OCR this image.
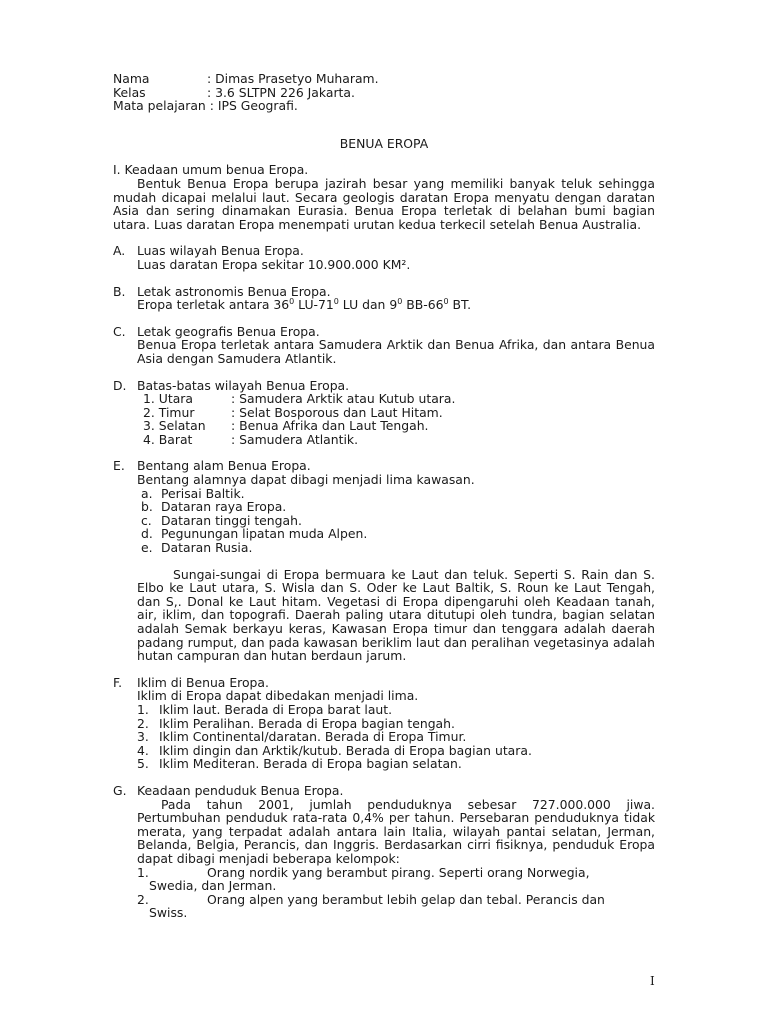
Nama	: Dimas Prasetyo Muharam.
Kelas	: 3.6 SLTPN 226 Jakarta.
Mata pelajaran : IPS Geografi.
BENUA EROPA
I. Keadaan umum benua Eropa.
Bentuk Benua Eropa berupa jazirah besar yang memiliki banyak teluk sehingga mudah dicapai melalui laut. Secara geologis daratan Eropa menyatu dengan daratan Asia dan sering dinamakan Eurasia. Benua Eropa terletak di belahan bumi bagian utara. Luas daratan Eropa menempati urutan kedua terkecil setelah Benua Australia.
A. Luas wilayah Benua Eropa.
Luas daratan Eropa sekitar 10.900.000 KM².
B. Letak astronomis Benua Eropa.
Eropa terletak antara $36^0$ $LU-71^0$ LU dan $9^0$ $BB-66^0$ BT.
C. Letak geografis Benua Eropa.
Benua Eropa terletak antara Samudera Arktik dan Benua Afrika, dan antara Benua Asia dengan Samudera Atlantik.
D. Batas-batas wilayah Benua Eropa.
1. Utara	: Samudera Arktik atau Kutub utara.
2. Timur	: Selat Bosporous dan Laut Hitam.
3. Selatan	: Benua Afrika dan Laut Tengah.
4. Barat	: Samudera Atlantik.
E. Bentang alam Benua Eropa.
Bentang alamnya dapat dibagi menjadi lima kawasan.
a. Perisai Baltik.
b. Dataran raya Eropa.
c. Dataran tinggi tengah.
d. Pegunungan lipatan muda Alpen.
e. Dataran Rusia.
Sungai-sungai di Eropa bermuara ke Laut dan teluk. Seperti S. Rain dan S. Elbo ke Laut utara, S. Wisla dan S. Oder ke Laut Baltik, S. Roun ke Laut Tengah, dan S,. Donal ke Laut hitam. Vegetasi di Eropa dipengaruhi oleh Keadaan tanah, air, iklim, dan topografi. Daerah paling utara ditutupi oleh tundra, bagian selatan adalah Semak berkayu keras, Kawasan Eropa timur dan tenggara adalah daerah padang rumput, dan pada kawasan beriklim laut dan peralihan vegetasinya adalah hutan campuran dan hutan berdaun jarum.
F.	Iklim di Benua Eropa.
Iklim di Eropa dapat dibedakan menjadi lima.
1. Iklim laut. Berada di Eropa barat laut.
2. Iklim Peralihan. Berada di Eropa bagian tengah.
3. Iklim Continental/daratan. Berada di Eropa Timur.
4. Iklim dingin dan Arktik/kutub. Berada di Eropa bagian utara.
5. Iklim Mediteran. Berada di Eropa bagian selatan.
G. Keadaan penduduk Benua Eropa.
Pada tahun 2001, jumlah penduduknya sebesar 727.000.000 jiwa. Pertumbuhan penduduk rata-rata 0,4% per tahun. Persebaran penduduknya tidak merata, yang terpadat adalah antara lain Italia, wilayah pantai selatan, Jerman, Belanda, Belgia, Perancis, dan Inggris. Berdasarkan cirri fisiknya, penduduk Eropa dapat dibagi menjadi beberapa kelompok:
1.	Orang nordik yang berambut pirang. Seperti orang Norwegia,
Swedia, dan Jerman.
2.	Orang alpen yang berambut lebih gelap dan tebal. Perancis dan
Swiss.
I
